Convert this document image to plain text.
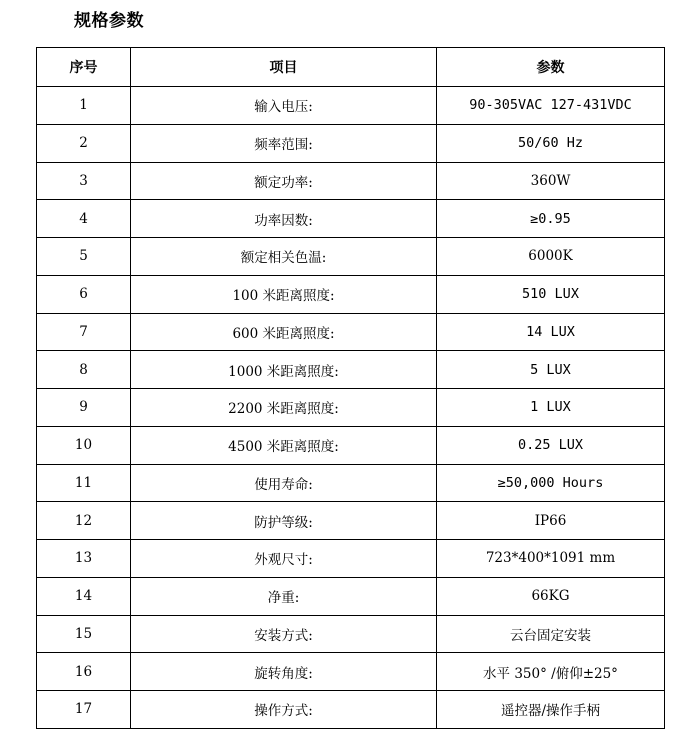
规格参数
序号	项目	参数
1	输入电压:	90-305VAC 127-431VDC
2	频率范围:	50/60 Hz
3	额定功率:	360W
4	功率因数:	≥0.95
5	额定相关色温:	6000K
6	100 米距离照度:	510 LUX
7	600 米距离照度:	14 LUX
8	1000 米距离照度:	5 LUX
9	2200 米距离照度:	1 LUX
10	4500 米距离照度:	0.25 LUX
11	使用寿命:	≥50,000 Hours
12	防护等级:	IP66
13	外观尺寸:	723*400*1091 mm
14	净重:	66KG
15	安装方式:	云台固定安装
16	旋转角度:	水平 350° /俯仰±25°
17	操作方式:	遥控器/操作手柄
